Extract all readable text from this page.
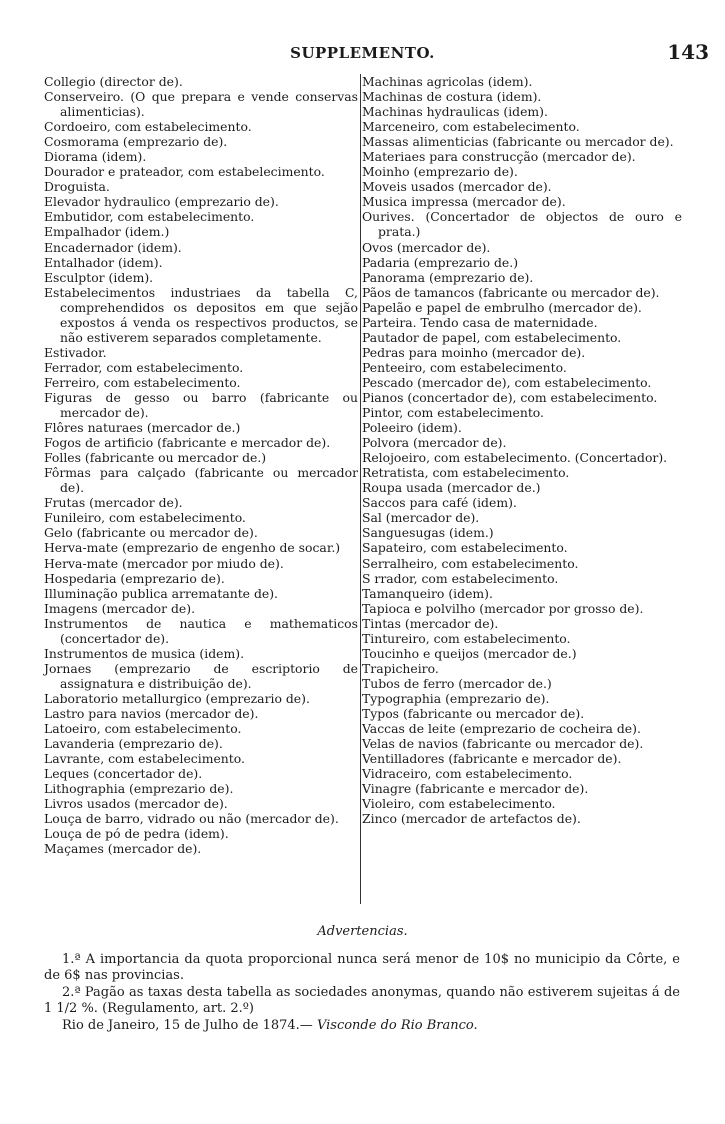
SUPPLEMENTO.	143
Collegio (director de).
Conserveiro. (O que prepara e vende conservas alimenticias).
Cordoeiro, com estabelecimento.
Cosmorama (emprezario de).
Diorama (idem).
Dourador e prateador, com estabelecimento.
Droguista.
Elevador hydraulico (emprezario de).
Embutidor, com estabelecimento.
Empalhador (idem.)
Encadernador (idem).
Entalhador (idem).
Esculptor (idem).
Estabelecimentos industriaes da tabella C, comprehendidos os depositos em que sejão expostos á venda os respectivos productos, se não estiverem separados completamente.
Estivador.
Ferrador, com estabelecimento.
Ferreiro, com estabelecimento.
Figuras de gesso ou barro (fabricante ou mercador de).
Flôres naturaes (mercador de.)
Fogos de artificio (fabricante e mercador de).
Folles (fabricante ou mercador de.)
Fôrmas para calçado (fabricante ou mercador de).
Frutas (mercador de).
Funileiro, com estabelecimento.
Gelo (fabricante ou mercador de).
Herva-mate (emprezario de engenho de socar.)
Herva-mate (mercador por miudo de).
Hospedaria (emprezario de).
Illuminação publica arrematante de).
Imagens (mercador de).
Instrumentos de nautica e mathematicos (concertador de).
Instrumentos de musica (idem).
Jornaes (emprezario de escriptorio de assignatura e distribuição de).
Laboratorio metallurgico (emprezario de).
Lastro para navios (mercador de).
Latoeiro, com estabelecimento.
Lavanderia (emprezario de).
Lavrante, com estabelecimento.
Leques (concertador de).
Lithographia (emprezario de).
Livros usados (mercador de).
Louça de barro, vidrado ou não (mercador de).
Louça de pó de pedra (idem).
Maçames (mercador de).
Machinas agricolas (idem).
Machinas de costura (idem).
Machinas hydraulicas (idem).
Marceneiro, com estabelecimento.
Massas alimenticias (fabricante ou mercador de).
Materiaes para construcção (mercador de).
Moinho (emprezario de).
Moveis usados (mercador de).
Musica impressa (mercador de).
Ourives. (Concertador de objectos de ouro e prata.)
Ovos (mercador de).
Padaria (emprezario de.)
Panorama (emprezario de).
Pãos de tamancos (fabricante ou mercador de).
Papelão e papel de embrulho (mercador de).
Parteira. Tendo casa de maternidade.
Pautador de papel, com estabelecimento.
Pedras para moinho (mercador de).
Penteeiro, com estabelecimento.
Pescado (mercador de), com estabelecimento.
Pianos (concertador de), com estabelecimento.
Pintor, com estabelecimento.
Poleeiro (idem).
Polvora (mercador de).
Relojoeiro, com estabelecimento. (Concertador).
Retratista, com estabelecimento.
Roupa usada (mercador de.)
Saccos para café (idem).
Sal (mercador de).
Sanguesugas (idem.)
Sapateiro, com estabelecimento.
Serralheiro, com estabelecimento.
S rrador, com estabelecimento.
Tamanqueiro (idem).
Tapioca e polvilho (mercador por grosso de).
Tintas (mercador de).
Tintureiro, com estabelecimento.
Toucinho e queijos (mercador de.)
Trapicheiro.
Tubos de ferro (mercador de.)
Typographia (emprezario de).
Typos (fabricante ou mercador de).
Vaccas de leite (emprezario de cocheira de).
Velas de navios (fabricante ou mercador de).
Ventilladores (fabricante e mercador de).
Vidraceiro, com estabelecimento.
Vinagre (fabricante e mercador de).
Violeiro, com estabelecimento.
Zinco (mercador de artefactos de).
Advertencias.
1.ª A importancia da quota proporcional nunca será menor de 10$ no municipio da Côrte, e de 6$ nas provincias.
2.ª Pagão as taxas desta tabella as sociedades anonymas, quando não estiverem sujeitas á de 1 1/2 %. (Regulamento, art. 2.º)
Rio de Janeiro, 15 de Julho de 1874.— Visconde do Rio Branco.
